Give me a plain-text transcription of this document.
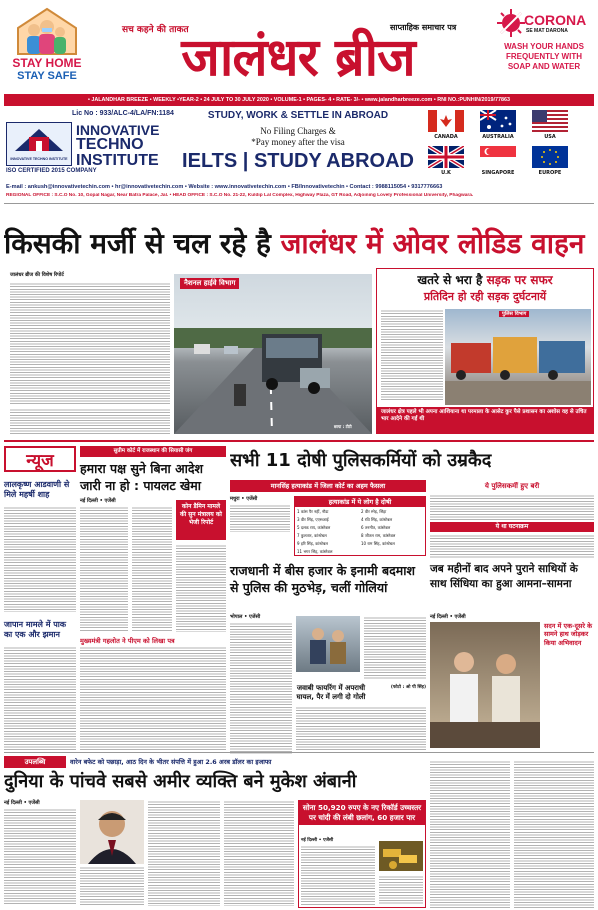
STAY HOME
STAY SAFE
सच कहने की ताकत	साप्ताहिक समाचार पत्र
जालंधर ब्रीज
CORONA
SE MAT DARONA
WASH YOUR HANDS FREQUENTLY WITH SOAP AND WATER
• JALANDHAR BREEZE • WEEKLY •YEAR-2 • 24 JULY TO 30 JULY 2020 • VOLUME-1 • PAGES- 4 • RATE- 3/- • www.jalandharbreeze.com • RNI NO.:PUNHIN/2019/77863
Lic No : 933/ALC-4/LA/FN:1184
INNOVATIVE TECHNO INSTITUTE
INNOVATIVE
TECHNO
INSTITUTE
ISO CERTIFIED 2015 COMPANY
STUDY, WORK & SETTLE IN ABROAD
No Filing Charges &
*Pay money after the visa
IELTS | STUDY ABROAD
CANADA	AUSTRALIA	USA
U.K	SINGAPORE	EUROPE
E-mail : ankush@innovativetechin.com • hr@innovativetechin.com • Website : www.innovativetechin.com • FB/Innovativetechin • Contact : 9988115054 • 9317776663
REGIONAL OFFICE : S.C.O No. 10, Gopal Nagar, Near Batra Palace, Jal. • HEAD OFFICE : S.C.O No. 21-22, Kuldip Lal Complex, Highway Plaza, GT Road, Adjoining Lovely Professional University, Phagwara.
किसकी मर्जी से चल रहे है जालंधर में ओवर लोडिड वाहन
जालंधर ब्रीज की विशेष रिपोर्ट
नैशनल हाईवे विभाग
छाया : टीटी
खतरे से भरा है सड़क पर सफर
प्रतिदिन हो रही सड़क दुर्घटनायें
पुलिस विभाग
जालंधर क्षेत्र पहले भी अपना आशियाना था परमाला के आसेट कुर पैसे प्रशासन का अशोस वह से उचित भार आदेने की गई थी
न्यूज
लालकृष्ण आडवाणी से मिले महर्षी शाह
जापान मामले में पाक का एक और झमान
सुप्रीम कोर्ट में राजस्थान की सियासी जंग
हमारा पक्ष सुने बिना आदेश जारी ना हो : पायलट खेमा
नई दिल्ली • एजेंसी
कोन डैमिन मामले की सुन मंत्रालय को भेजी रिपोर्ट
मुख्यमंत्री गहलोत ने पीएम को लिखा पत्र
सभी 11 दोषी पुलिसकर्मियों को उम्रकैद
मानसिंह हत्याकांड में जिला कोर्ट का अहम फैसला
मथुरा • एजेंसी	हत्याकांड में ये लोग है दोषी
1 कांस पैर नहीं, नौडा	2 वीर स्नेह, सिंहा
3 वीर सिंह, एएसआई	4 रवि सिंह, कांस्टेबल
5 दलक राय, कांस्टेबल	6 तनमीत, कांस्टेबल
7 कुलतार, कांस्टेबल	8 जीतल राम, कांस्टेबल
9 हरि सिंह, कांस्टेबल	10 राम सिंह, कांस्टेबल
11 भगर सिंह, कांस्टेबल
ये पुलिसकर्मी हुए बरी
ये था घटनाक्रम
राजधानी में बीस हजार के इनामी बदमाश से पुलिस की मुठभेड़, चलीं गोलियां
भोपाल • एजेंसी
जवाबी फायरिंग में अपराधी घायल, पैर में लगी दो गोली
(फोटो : ओ पी सिंह)
जब महीनों बाद अपने पुराने साथियों के साथ सिंधिया का हुआ आमना–सामना
नई दिल्ली • एजेंसी
सदन में एक-दूसरे के सामने हाथ जोड़कर किया अभिवादन
उपलब्धि	वारेन बफेट को पछाड़ा, आठ दिन के भीतर संपत्ति में हुआ 2.6 अरब डॉलर का इजाफा
दुनिया के पांचवे सबसे अमीर व्यक्ति बने मुकेश अंबानी
नई दिल्ली • एजेंसी	सोना 50,920 रुपए के नए रिकॉर्ड उच्चस्तर पर चांदी की लंबी छलांग, 60 हजार पार
नई दिल्ली • एजेंसी
